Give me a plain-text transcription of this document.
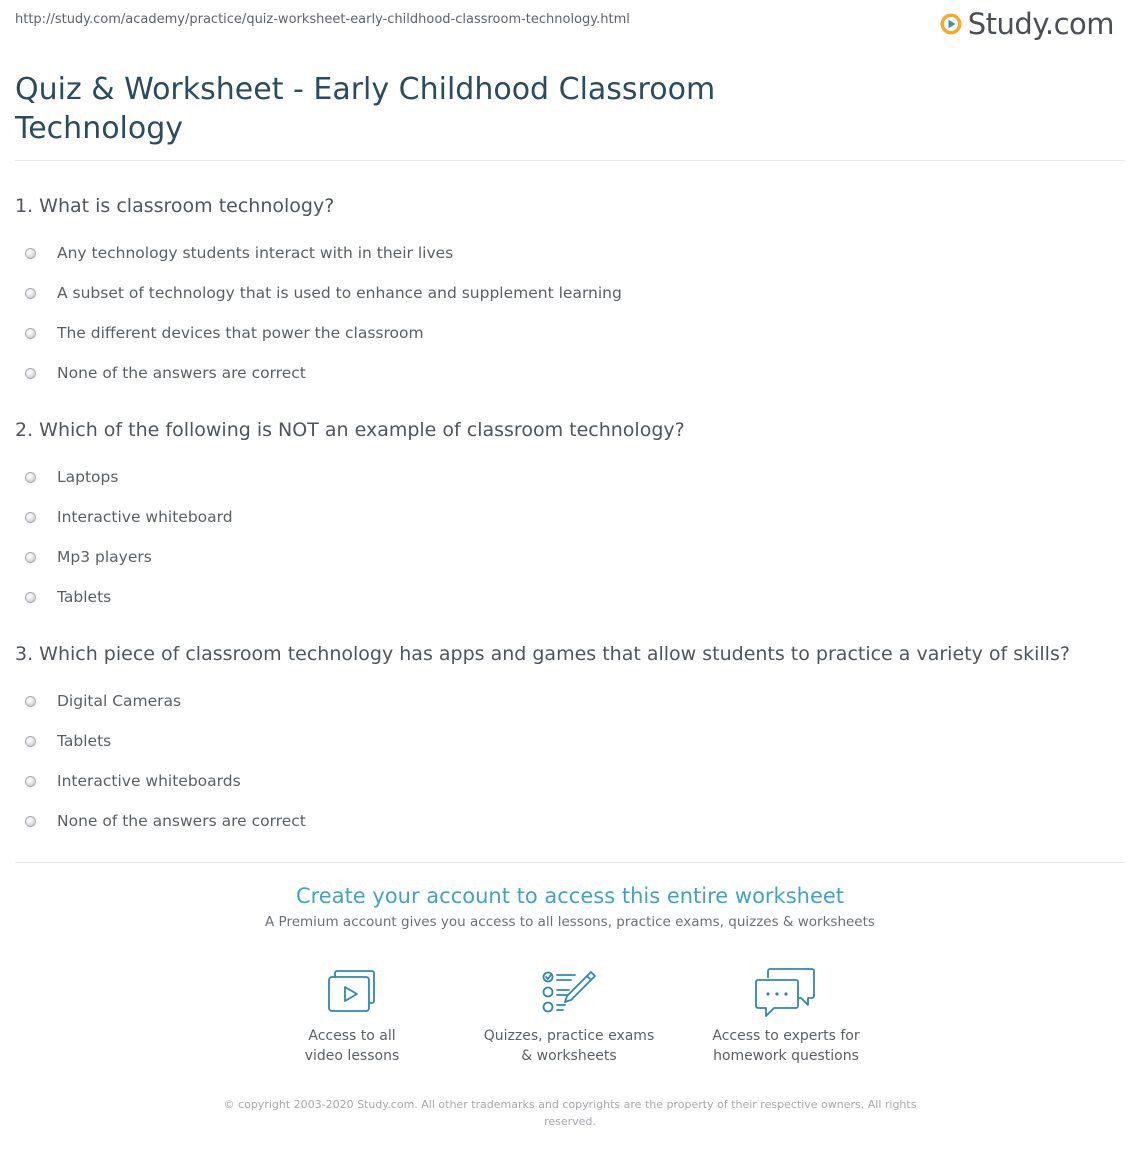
http://study.com/academy/practice/quiz-worksheet-early-childhood-classroom-technology.html	Study.com
Quiz & Worksheet - Early Childhood Classroom Technology
1. What is classroom technology?
Any technology students interact with in their lives
A subset of technology that is used to enhance and supplement learning
The different devices that power the classroom
None of the answers are correct
2. Which of the following is NOT an example of classroom technology?
Laptops
Interactive whiteboard
Mp3 players
Tablets
3. Which piece of classroom technology has apps and games that allow students to practice a variety of skills?
Digital Cameras
Tablets
Interactive whiteboards
None of the answers are correct
Create your account to access this entire worksheet
A Premium account gives you access to all lessons, practice exams, quizzes & worksheets
Access to all
video lessons
Quizzes, practice exams
& worksheets
Access to experts for
homework questions
© copyright 2003-2020 Study.com. All other trademarks and copyrights are the property of their respective owners. All rights
reserved.
